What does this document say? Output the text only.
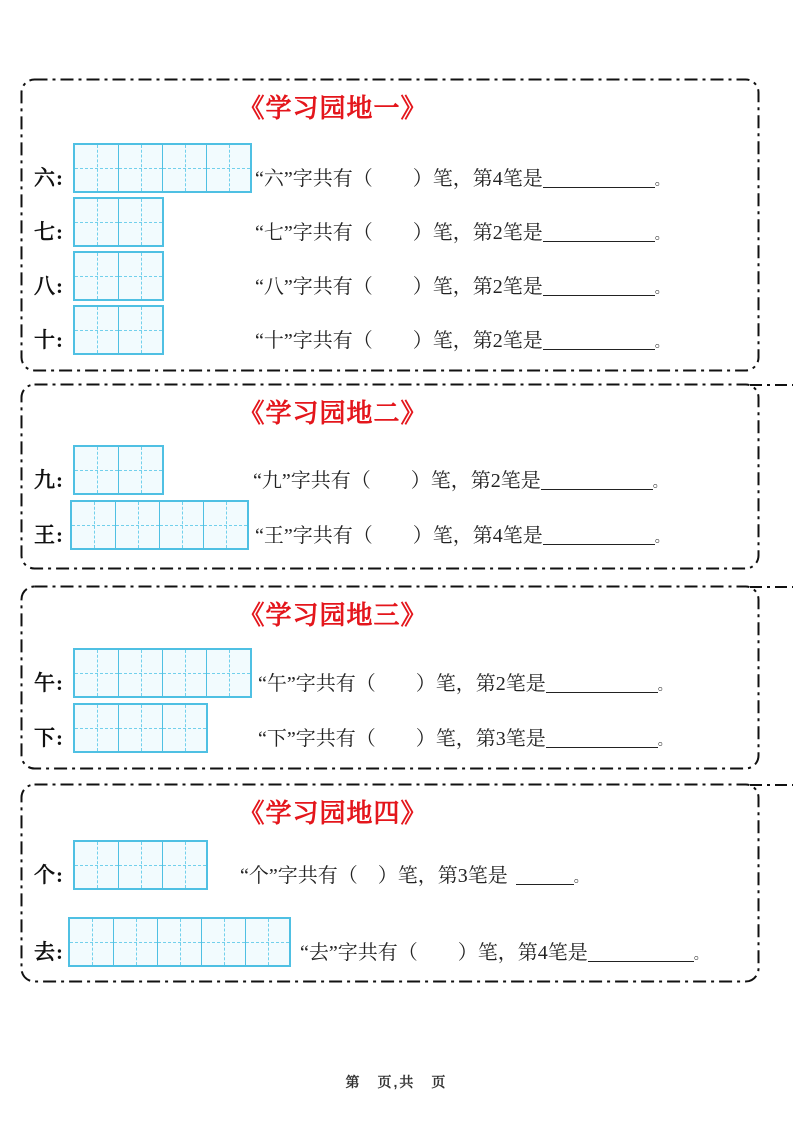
《学习园地一》
六:	“六”字共有（　　）笔，第4笔是	。
七:	“七”字共有（　　）笔，第2笔是	。
八:	“八”字共有（　　）笔，第2笔是	。
十:	“十”字共有（　　）笔，第2笔是	。
《学习园地二》
九:	“九”字共有（　　）笔，第2笔是	。
王:	“王”字共有（　　）笔，第4笔是	。
《学习园地三》
午:	“午”字共有（　　）笔，第2笔是	。
下:	“下”字共有（　　）笔，第3笔是	。
《学习园地四》
个:	“个”字共有（　）笔，第3笔是	。
去:	“去”字共有（　　）笔，第4笔是	。
第　页,共　页
